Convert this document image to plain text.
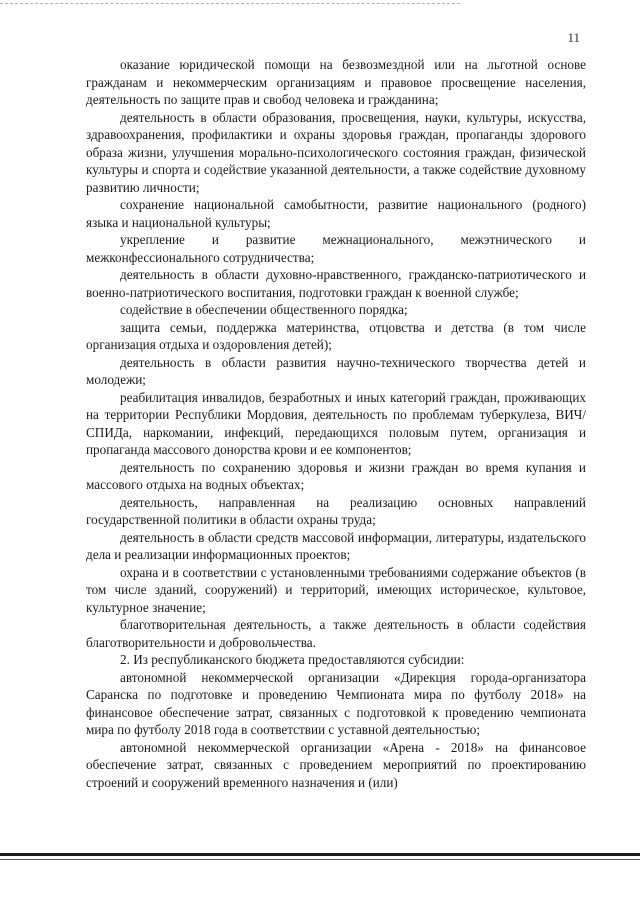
11

оказание юридической помощи на безвозмездной или на льготной основе гражданам и некоммерческим организациям и правовое просвещение населения, деятельность по защите прав и свобод человека и гражданина;

деятельность в области образования, просвещения, науки, культуры, искусства, здравоохранения, профилактики и охраны здоровья граждан, пропаганды здорового образа жизни, улучшения морально-психологического состояния граждан, физической культуры и спорта и содействие указанной деятельности, а также содействие духовному развитию личности;

сохранение национальной самобытности, развитие национального (родного) языка и национальной культуры;

укрепление и развитие межнационального, межэтнического и межконфессионального сотрудничества;

деятельность в области духовно-нравственного, гражданско-патриотического и военно-патриотического воспитания, подготовки граждан к военной службе;

содействие в обеспечении общественного порядка;

защита семьи, поддержка материнства, отцовства и детства (в том числе организация отдыха и оздоровления детей);

деятельность в области развития научно-технического творчества детей и молодежи;

реабилитация инвалидов, безработных и иных категорий граждан, проживающих на территории Республики Мордовия, деятельность по проблемам туберкулеза, ВИЧ/СПИДа, наркомании, инфекций, передающихся половым путем, организация и пропаганда массового донорства крови и ее компонентов;

деятельность по сохранению здоровья и жизни граждан во время купания и массового отдыха на водных объектах;

деятельность, направленная на реализацию основных направлений государственной политики в области охраны труда;

деятельность в области средств массовой информации, литературы, издательского дела и реализации информационных проектов;

охрана и в соответствии с установленными требованиями содержание объектов (в том числе зданий, сооружений) и территорий, имеющих историческое, культовое, культурное значение;

благотворительная деятельность, а также деятельность в области содействия благотворительности и добровольчества.

2. Из республиканского бюджета предоставляются субсидии:

автономной некоммерческой организации «Дирекция города-организатора Саранска по подготовке и проведению Чемпионата мира по футболу 2018» на финансовое обеспечение затрат, связанных с подготовкой к проведению чемпионата мира по футболу 2018 года в соответствии с уставной деятельностью;

автономной некоммерческой организации «Арена - 2018» на финансовое обеспечение затрат, связанных с проведением мероприятий по проектированию строений и сооружений временного назначения и (или)
